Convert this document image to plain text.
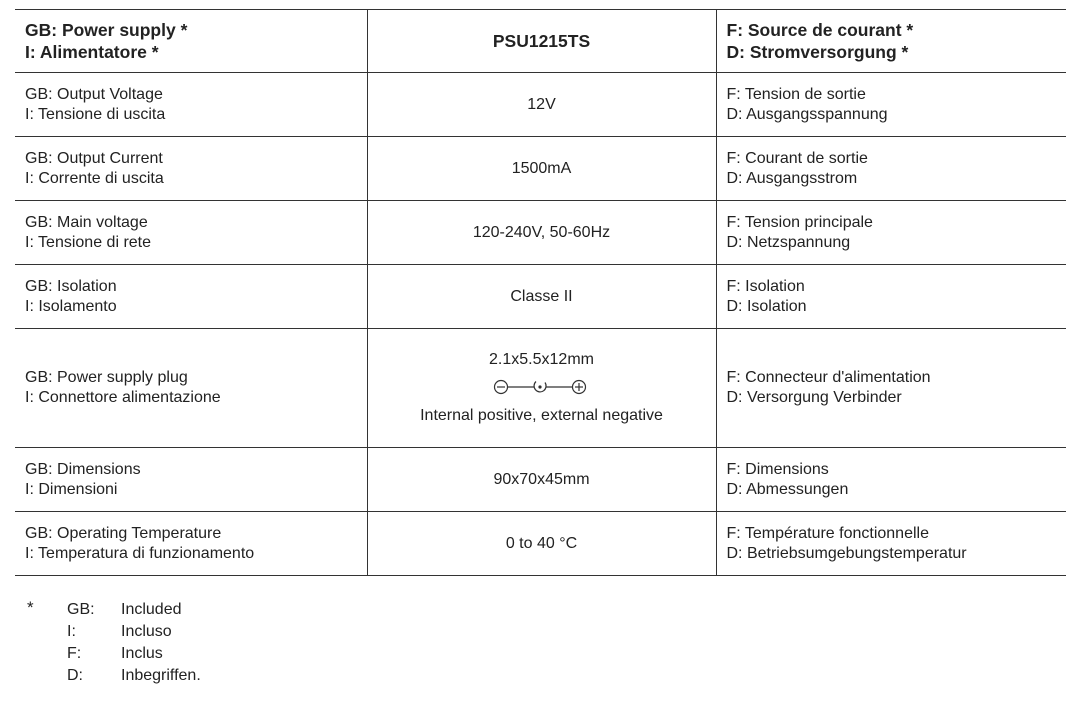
GB: Power supply *
I: Alimentatore *	PSU1215TS	F: Source de courant *
D: Stromversorgung *

GB: Output Voltage
I: Tensione di uscita	12V	F: Tension de sortie
D: Ausgangsspannung

GB: Output Current
I: Corrente di uscita	1500mA	F: Courant de sortie
D: Ausgangsstrom

GB: Main voltage
I: Tensione di rete	120-240V, 50-60Hz	F: Tension principale
D: Netzspannung

GB: Isolation
I: Isolamento	Classe II	F: Isolation
D: Isolation

GB: Power supply plug
I: Connettore alimentazione	2.1x5.5x12mm
Internal positive, external negative	F: Connecteur d'alimentation
D: Versorgung Verbinder

GB: Dimensions
I: Dimensioni	90x70x45mm	F: Dimensions
D: Abmessungen

GB: Operating Temperature
I: Temperatura di funzionamento	0 to 40 °C	F: Température fonctionnelle
D: Betriebsumgebungstemperatur
* GB: Included
I:	Incluso
F: Inclus
D: Inbegriffen.
